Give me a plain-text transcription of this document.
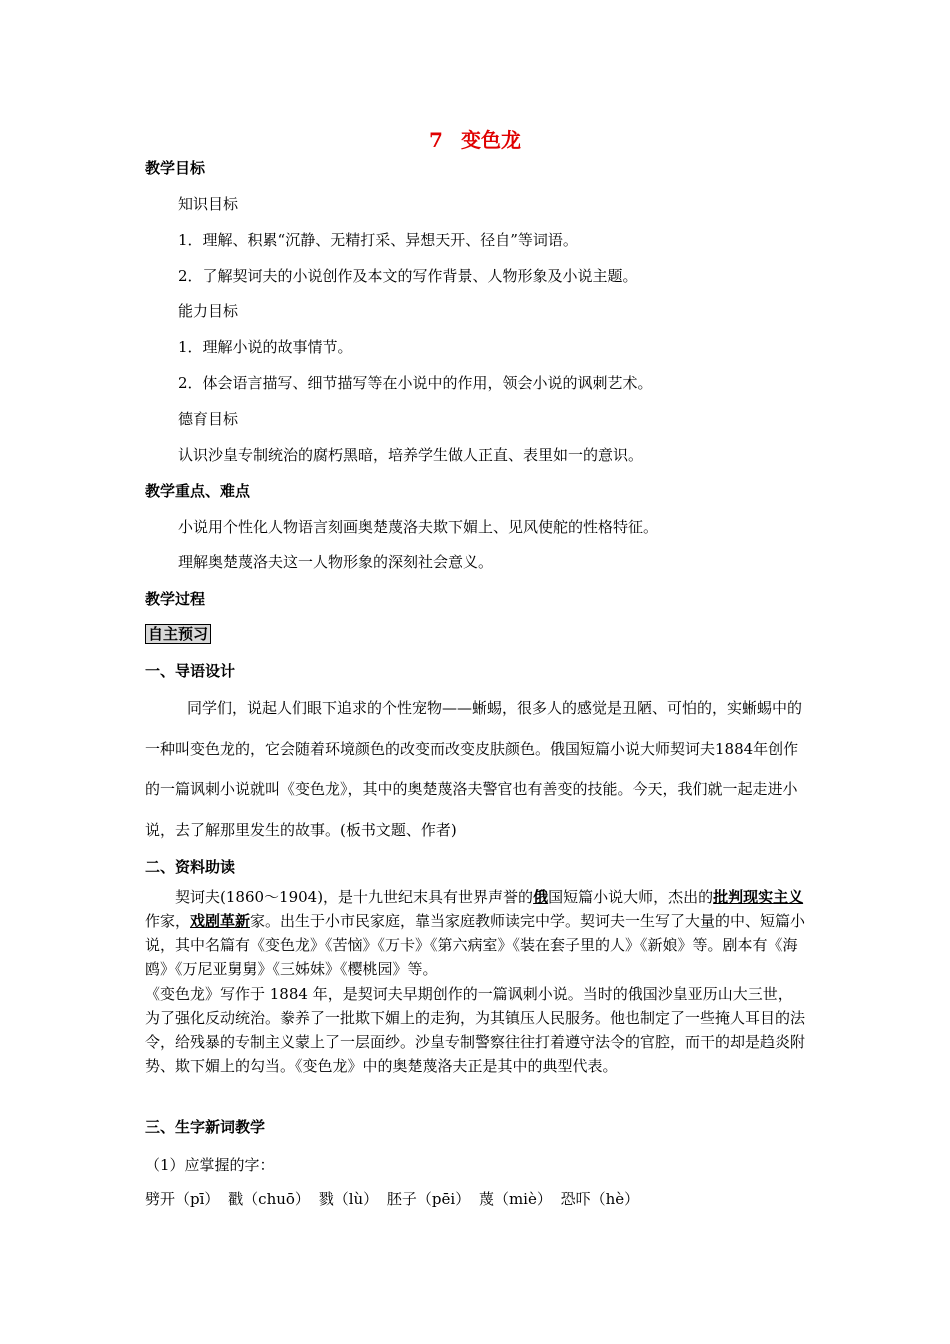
7 变色龙
教学目标
知识目标
1．理解、积累“沉静、无精打采、异想天开、径自”等词语。
2．了解契诃夫的小说创作及本文的写作背景、人物形象及小说主题。
能力目标
1．理解小说的故事情节。
2．体会语言描写、细节描写等在小说中的作用，领会小说的讽刺艺术。
德育目标
认识沙皇专制统治的腐朽黑暗，培养学生做人正直、表里如一的意识。
教学重点、难点
小说用个性化人物语言刻画奥楚蔑洛夫欺下媚上、见风使舵的性格特征。
理解奥楚蔑洛夫这一人物形象的深刻社会意义。
教学过程
自主预习
一、导语设计
同学们，说起人们眼下追求的个性宠物——蜥蜴，很多人的感觉是丑陋、可怕的，实蜥蜴中的一种叫变色龙的，它会随着环境颜色的改变而改变皮肤颜色。俄国短篇小说大师契诃夫1884年创作的一篇讽刺小说就叫《变色龙》，其中的奥楚蔑洛夫警官也有善变的技能。今天，我们就一起走进小说，去了解那里发生的故事。(板书文题、作者)
二、资料助读
契诃夫(1860～1904)，是十九世纪末具有世界声誉的俄国短篇小说大师，杰出的批判现实主义作家，戏剧革新家。出生于小市民家庭，靠当家庭教师读完中学。契诃夫一生写了大量的中、短篇小说，其中名篇有《变色龙》《苦恼》《万卡》《第六病室》《装在套子里的人》《新娘》等。剧本有《海鸥》《万尼亚舅舅》《三姊妹》《樱桃园》等。
《变色龙》写作于 1884 年，是契诃夫早期创作的一篇讽刺小说。当时的俄国沙皇亚历山大三世，为了强化反动统治。豢养了一批欺下媚上的走狗，为其镇压人民服务。他也制定了一些掩人耳目的法令，给残暴的专制主义蒙上了一层面纱。沙皇专制警察往往打着遵守法令的官腔，而干的却是趋炎附势、欺下媚上的勾当。《变色龙》中的奥楚蔑洛夫正是其中的典型代表。
三、生字新词教学
（1）应掌握的字：
劈开（pī） 戳（chuō） 戮（lù） 胚子（pēi） 蔑（miè） 恐吓（hè）
